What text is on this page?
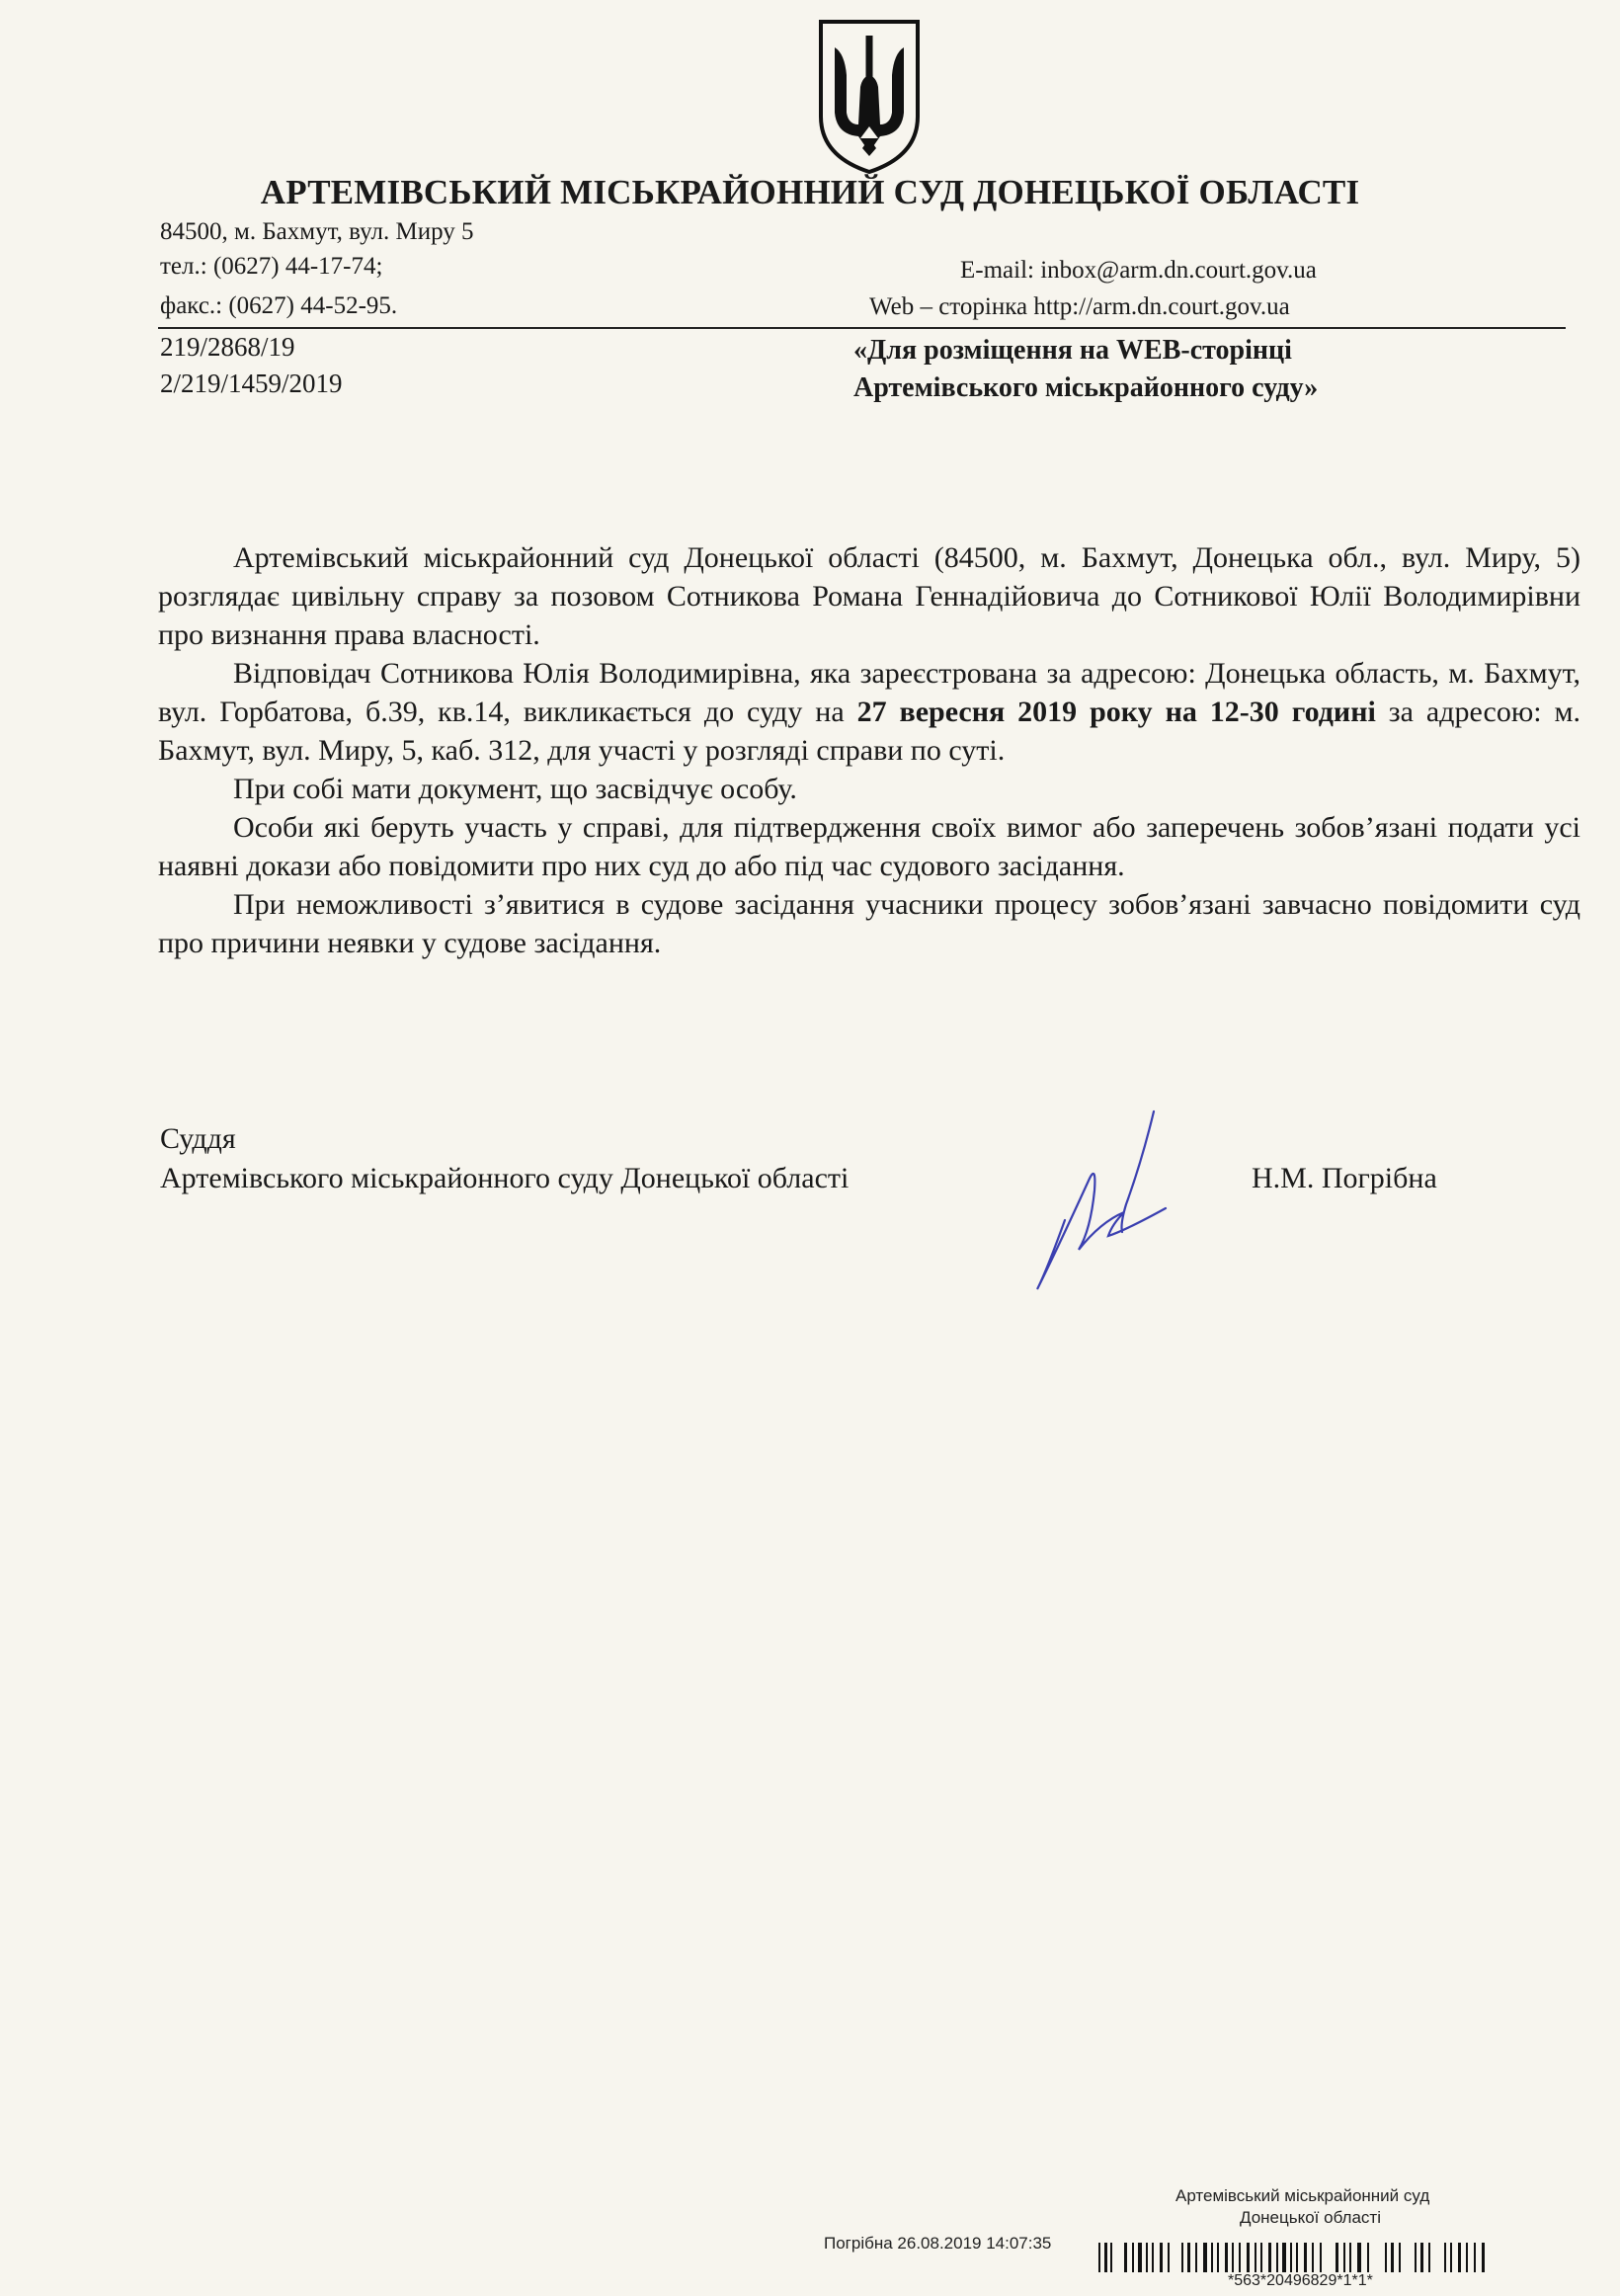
АРТЕМІВСЬКИЙ МІСЬКРАЙОННИЙ СУД ДОНЕЦЬКОЇ ОБЛАСТІ
84500, м. Бахмут, вул. Миру 5
тел.: (0627) 44-17-74;
факс.: (0627) 44-52-95.
E-mail: inbox@arm.dn.court.gov.ua
Web – сторінка http://arm.dn.court.gov.ua
219/2868/19
2/219/1459/2019
«Для розміщення на WEB-сторінці
Артемівського міськрайонного суду»

Артемівський міськрайонний суд Донецької області (84500, м. Бахмут, Донецька обл., вул. Миру, 5) розглядає цивільну справу за позовом Сотникова Романа Геннадійовича до Сотникової Юлії Володимирівни про визнання права власності.

Відповідач Сотникова Юлія Володимирівна, яка зареєстрована за адресою: Донецька область, м. Бахмут, вул. Горбатова, б.39, кв.14, викликається до суду на 27 вересня 2019 року на 12-30 годині за адресою: м. Бахмут, вул. Миру, 5, каб. 312, для участі у розгляді справи по суті.

При собі мати документ, що засвідчує особу.

Особи які беруть участь у справі, для підтвердження своїх вимог або заперечень зобов’язані подати усі наявні докази або повідомити про них суд до або під час судового засідання.

При неможливості з’явитися в судове засідання учасники процесу зобов’язані завчасно повідомити суд про причини неявки у судове засідання.

Суддя
Артемівського міськрайонного суду Донецької області	Н.М. Погрібна
Артемівський міськрайонний суд
Донецької області
Погрібна 26.08.2019 14:07:35
*563*20496829*1*1*
